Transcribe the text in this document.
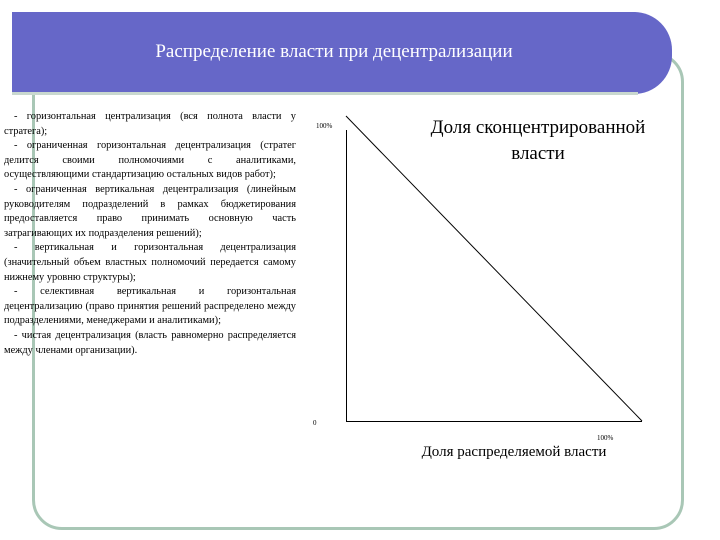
Распределение власти при децентрализации

- горизонтальная централизация (вся полнота власти у стратега);

- ограниченная горизонтальная децентрализация (стратег делится своими полномочиями с аналитиками, осуществляющими стандартизацию остальных видов работ);

- ограниченная вертикальная децентрализация (линейным руководителям подразделений в рамках бюджетирования предоставляется право принимать основную часть затрагивающих их подразделения решений);

- вертикальная и горизонтальная децентрализация (значительный объем властных полномочий передается самому нижнему уровню структуры);

- селективная вертикальная и горизонтальная децентрализацию (право принятия решений распределено между подразделениями, менеджерами и аналитиками);

- чистая децентрализация (власть равномерно распределяется между членами организации).

100%
0
100%
Доля сконцентрированной власти
Доля распределяемой власти
